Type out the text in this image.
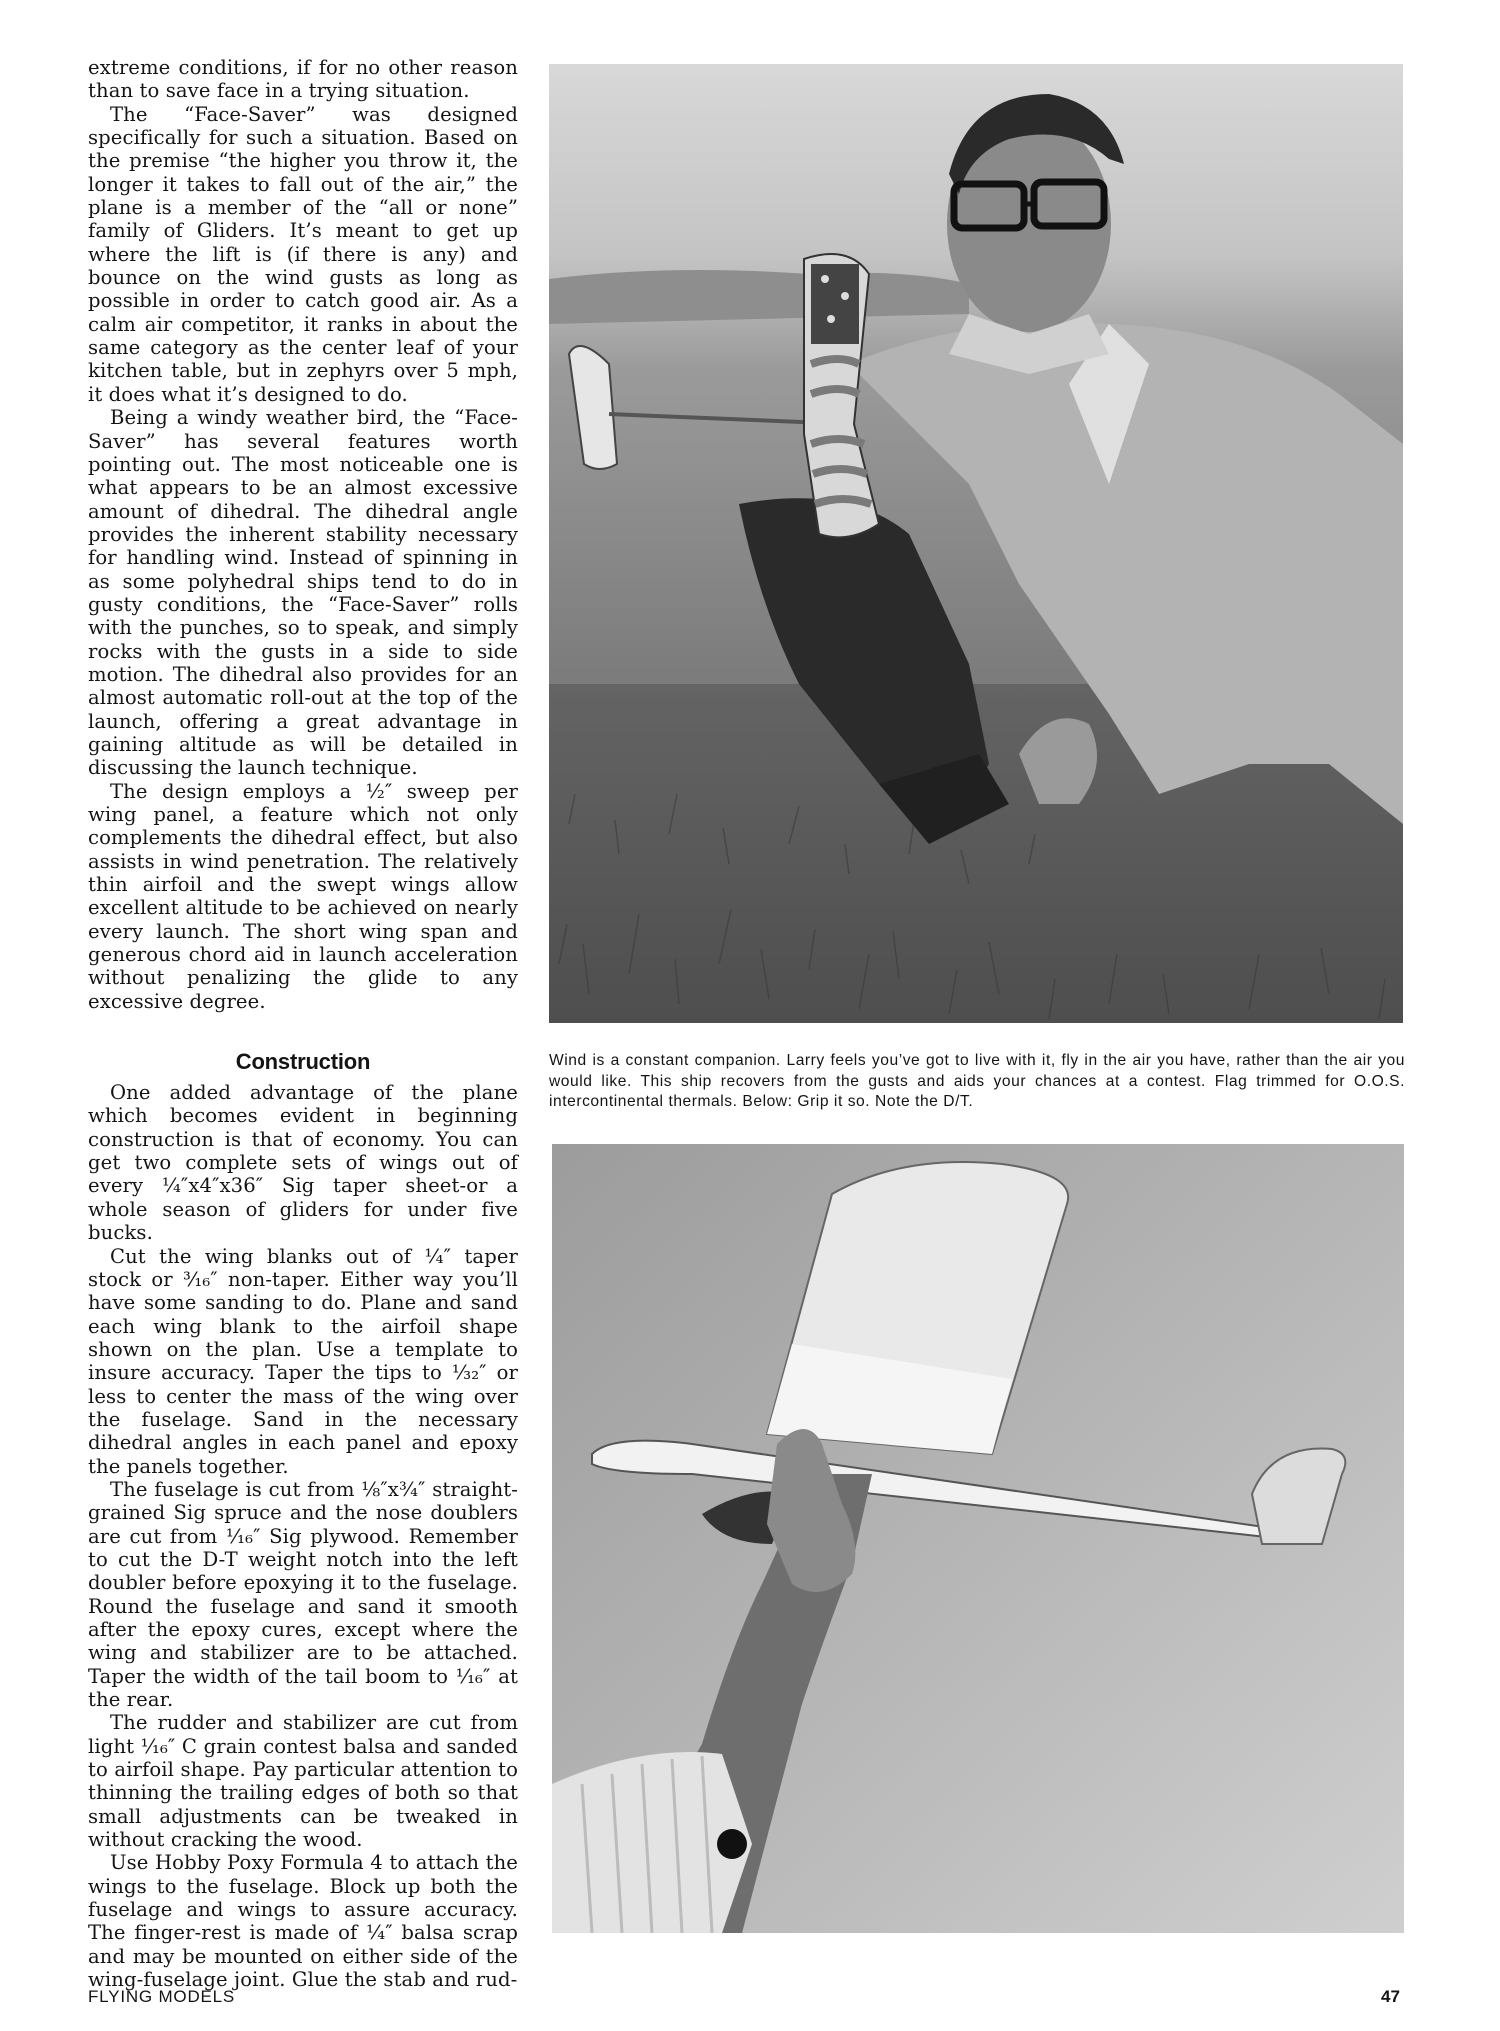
extreme conditions, if for no other reason than to save face in a trying situation.

The “Face-Saver” was designed specifically for such a situation. Based on the premise “the higher you throw it, the longer it takes to fall out of the air,” the plane is a member of the “all or none” family of Gliders. It’s meant to get up where the lift is (if there is any) and bounce on the wind gusts as long as possible in order to catch good air. As a calm air competitor, it ranks in about the same category as the center leaf of your kitchen table, but in zephyrs over 5 mph, it does what it’s designed to do.

Being a windy weather bird, the “Face-Saver” has several features worth pointing out. The most noticeable one is what appears to be an almost excessive amount of dihedral. The dihedral angle provides the inherent stability necessary for handling wind. Instead of spinning in as some polyhedral ships tend to do in gusty conditions, the “Face-Saver” rolls with the punches, so to speak, and simply rocks with the gusts in a side to side motion. The dihedral also provides for an almost automatic roll-out at the top of the launch, offering a great advantage in gaining altitude as will be detailed in discussing the launch technique.

The design employs a ½″ sweep per wing panel, a feature which not only complements the dihedral effect, but also assists in wind penetration. The relatively thin airfoil and the swept wings allow excellent altitude to be achieved on nearly every launch. The short wing span and generous chord aid in launch acceleration without penalizing the glide to any excessive degree.

Construction

One added advantage of the plane which becomes evident in beginning construction is that of economy. You can get two complete sets of wings out of every ¼″x4″x36″ Sig taper sheet-or a whole season of gliders for under five bucks.

Cut the wing blanks out of ¼″ taper stock or ³⁄₁₆″ non-taper. Either way you’ll have some sanding to do. Plane and sand each wing blank to the airfoil shape shown on the plan. Use a template to insure accuracy. Taper the tips to ¹⁄₃₂″ or less to center the mass of the wing over the fuselage. Sand in the necessary dihedral angles in each panel and epoxy the panels together.

The fuselage is cut from ⅛″x¾″ straight-grained Sig spruce and the nose doublers are cut from ¹⁄₁₆″ Sig plywood. Remember to cut the D-T weight notch into the left doubler before epoxying it to the fuselage. Round the fuselage and sand it smooth after the epoxy cures, except where the wing and stabilizer are to be attached. Taper the width of the tail boom to ¹⁄₁₆″ at the rear.

The rudder and stabilizer are cut from light ¹⁄₁₆″ C grain contest balsa and sanded to airfoil shape. Pay particular attention to thinning the trailing edges of both so that small adjustments can be tweaked in without cracking the wood.

Use Hobby Poxy Formula 4 to attach the wings to the fuselage. Block up both the fuselage and wings to assure accuracy. The finger-rest is made of ¼″ balsa scrap and may be mounted on either side of the wing-fuselage joint. Glue the stab and rud-

Wind is a constant companion. Larry feels you’ve got to live with it, fly in the air you have, rather than the air you would like. This ship recovers from the gusts and aids your chances at a contest. Flag trimmed for O.O.S. intercontinental thermals. Below: Grip it so. Note the D/T.

FLYING MODELS	47
